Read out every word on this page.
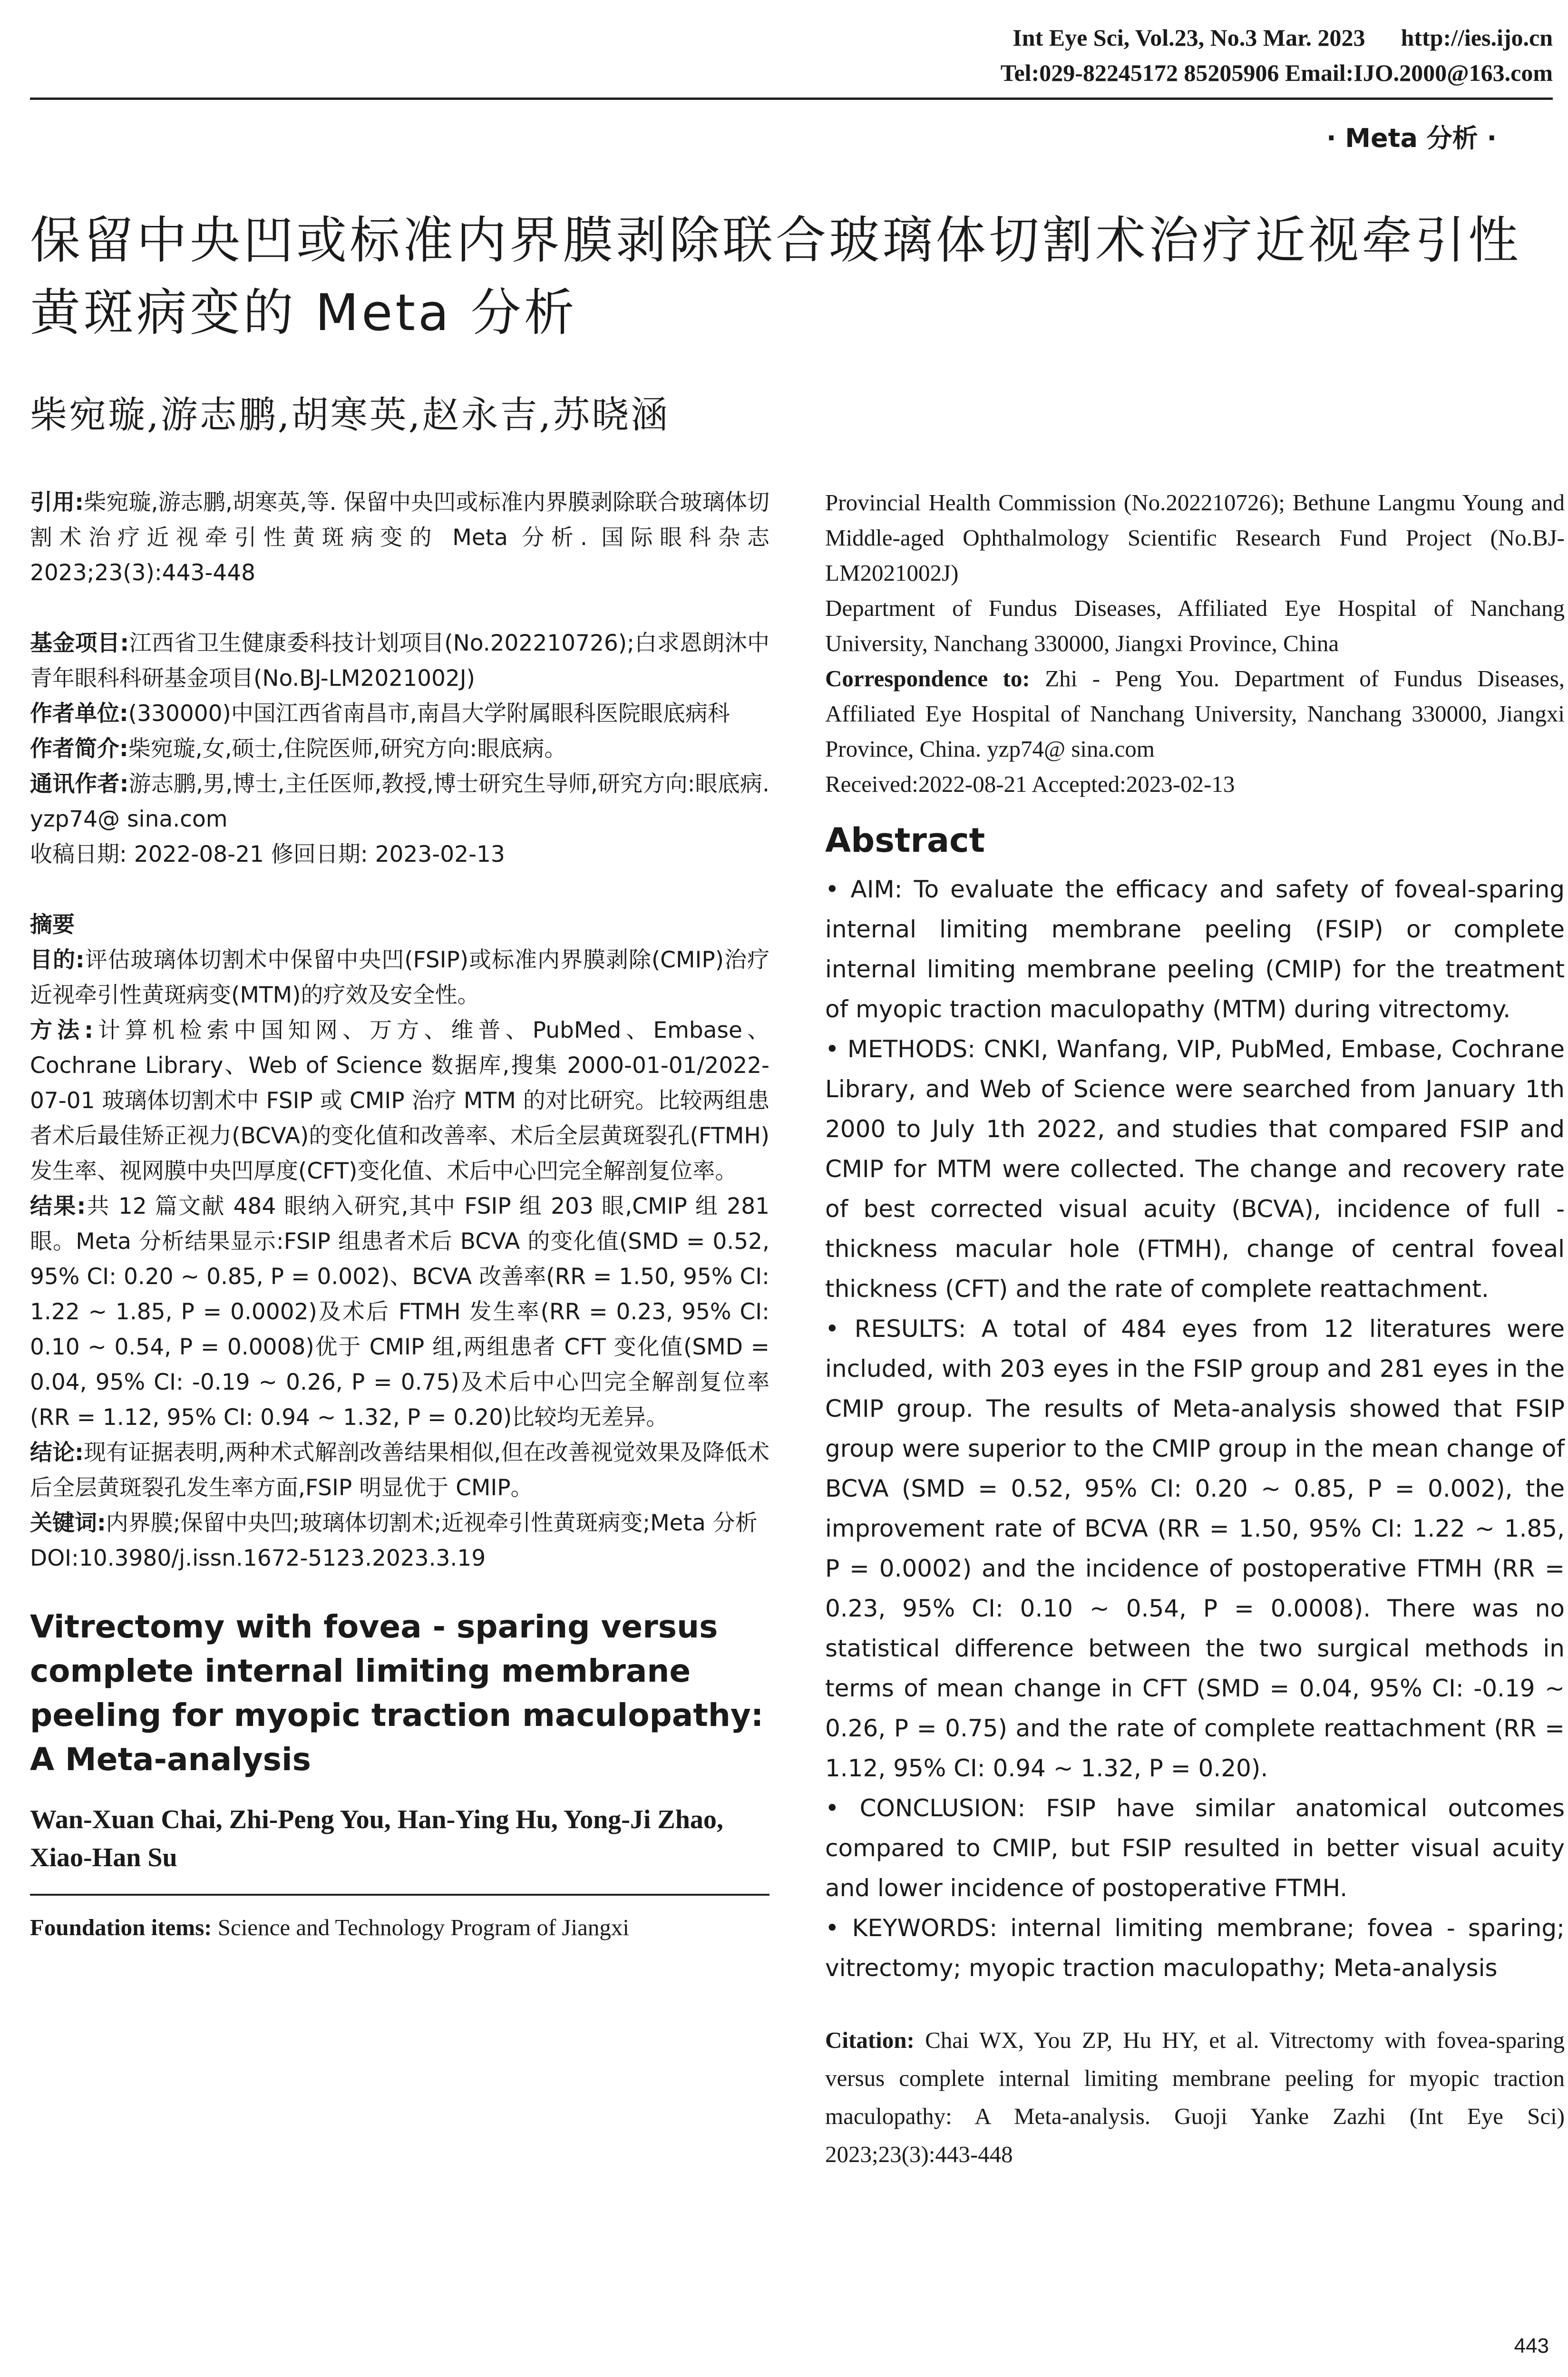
Int Eye Sci, Vol.23, No.3 Mar. 2023 http://ies.ijo.cn
Tel:029-82245172 85205906 Email:IJO.2000@163.com
· Meta 分析 ·
保留中央凹或标准内界膜剥除联合玻璃体切割术治疗近视牵引性黄斑病变的 Meta 分析
柴宛璇,游志鹏,胡寒英,赵永吉,苏晓涵

引用:柴宛璇,游志鹏,胡寒英,等. 保留中央凹或标准内界膜剥除联合玻璃体切割术治疗近视牵引性黄斑病变的 Meta 分析. 国际眼科杂志 2023;23(3):443-448

基金项目:江西省卫生健康委科技计划项目(No.202210726);白求恩朗沐中青年眼科科研基金项目(No.BJ-LM2021002J)

作者单位:(330000)中国江西省南昌市,南昌大学附属眼科医院眼底病科

作者简介:柴宛璇,女,硕士,住院医师,研究方向:眼底病。

通讯作者:游志鹏,男,博士,主任医师,教授,博士研究生导师,研究方向:眼底病. yzp74@ sina.com

收稿日期: 2022-08-21 修回日期: 2023-02-13

摘要

目的:评估玻璃体切割术中保留中央凹(FSIP)或标准内界膜剥除(CMIP)治疗近视牵引性黄斑病变(MTM)的疗效及安全性。

方法:计算机检索中国知网、万方、维普、PubMed、Embase、Cochrane Library、Web of Science 数据库,搜集 2000-01-01/2022-07-01 玻璃体切割术中 FSIP 或 CMIP 治疗 MTM 的对比研究。比较两组患者术后最佳矫正视力(BCVA)的变化值和改善率、术后全层黄斑裂孔(FTMH)发生率、视网膜中央凹厚度(CFT)变化值、术后中心凹完全解剖复位率。

结果:共 12 篇文献 484 眼纳入研究,其中 FSIP 组 203 眼,CMIP 组 281 眼。Meta 分析结果显示:FSIP 组患者术后 BCVA 的变化值(SMD = 0.52, 95% CI: 0.20 ~ 0.85, P = 0.002)、BCVA 改善率(RR = 1.50, 95% CI: 1.22 ~ 1.85, P = 0.0002)及术后 FTMH 发生率(RR = 0.23, 95% CI: 0.10 ~ 0.54, P = 0.0008)优于 CMIP 组,两组患者 CFT 变化值(SMD = 0.04, 95% CI: -0.19 ~ 0.26, P = 0.75)及术后中心凹完全解剖复位率(RR = 1.12, 95% CI: 0.94 ~ 1.32, P = 0.20)比较均无差异。

结论:现有证据表明,两种术式解剖改善结果相似,但在改善视觉效果及降低术后全层黄斑裂孔发生率方面,FSIP 明显优于 CMIP。

关键词:内界膜;保留中央凹;玻璃体切割术;近视牵引性黄斑病变;Meta 分析

DOI:10.3980/j.issn.1672-5123.2023.3.19

Vitrectomy with fovea - sparing versus complete internal limiting membrane peeling for myopic traction maculopathy: A Meta-analysis
Wan-Xuan Chai, Zhi-Peng You, Han-Ying Hu, Yong-Ji Zhao, Xiao-Han Su

Foundation items: Science and Technology Program of Jiangxi

Provincial Health Commission (No.202210726); Bethune Langmu Young and Middle-aged Ophthalmology Scientific Research Fund Project (No.BJ-LM2021002J)

Department of Fundus Diseases, Affiliated Eye Hospital of Nanchang University, Nanchang 330000, Jiangxi Province, China

Correspondence to: Zhi - Peng You. Department of Fundus Diseases, Affiliated Eye Hospital of Nanchang University, Nanchang 330000, Jiangxi Province, China. yzp74@ sina.com

Received:2022-08-21 Accepted:2023-02-13

Abstract

• AIM: To evaluate the efficacy and safety of foveal-sparing internal limiting membrane peeling (FSIP) or complete internal limiting membrane peeling (CMIP) for the treatment of myopic traction maculopathy (MTM) during vitrectomy.

• METHODS: CNKI, Wanfang, VIP, PubMed, Embase, Cochrane Library, and Web of Science were searched from January 1th 2000 to July 1th 2022, and studies that compared FSIP and CMIP for MTM were collected. The change and recovery rate of best corrected visual acuity (BCVA), incidence of full - thickness macular hole (FTMH), change of central foveal thickness (CFT) and the rate of complete reattachment.

• RESULTS: A total of 484 eyes from 12 literatures were included, with 203 eyes in the FSIP group and 281 eyes in the CMIP group. The results of Meta-analysis showed that FSIP group were superior to the CMIP group in the mean change of BCVA (SMD = 0.52, 95% CI: 0.20 ~ 0.85, P = 0.002), the improvement rate of BCVA (RR = 1.50, 95% CI: 1.22 ~ 1.85, P = 0.0002) and the incidence of postoperative FTMH (RR = 0.23, 95% CI: 0.10 ~ 0.54, P = 0.0008). There was no statistical difference between the two surgical methods in terms of mean change in CFT (SMD = 0.04, 95% CI: -0.19 ~ 0.26, P = 0.75) and the rate of complete reattachment (RR = 1.12, 95% CI: 0.94 ~ 1.32, P = 0.20).

• CONCLUSION: FSIP have similar anatomical outcomes compared to CMIP, but FSIP resulted in better visual acuity and lower incidence of postoperative FTMH.

• KEYWORDS: internal limiting membrane; fovea - sparing; vitrectomy; myopic traction maculopathy; Meta-analysis

Citation: Chai WX, You ZP, Hu HY, et al. Vitrectomy with fovea-sparing versus complete internal limiting membrane peeling for myopic traction maculopathy: A Meta-analysis. Guoji Yanke Zazhi (Int Eye Sci) 2023;23(3):443-448

443
